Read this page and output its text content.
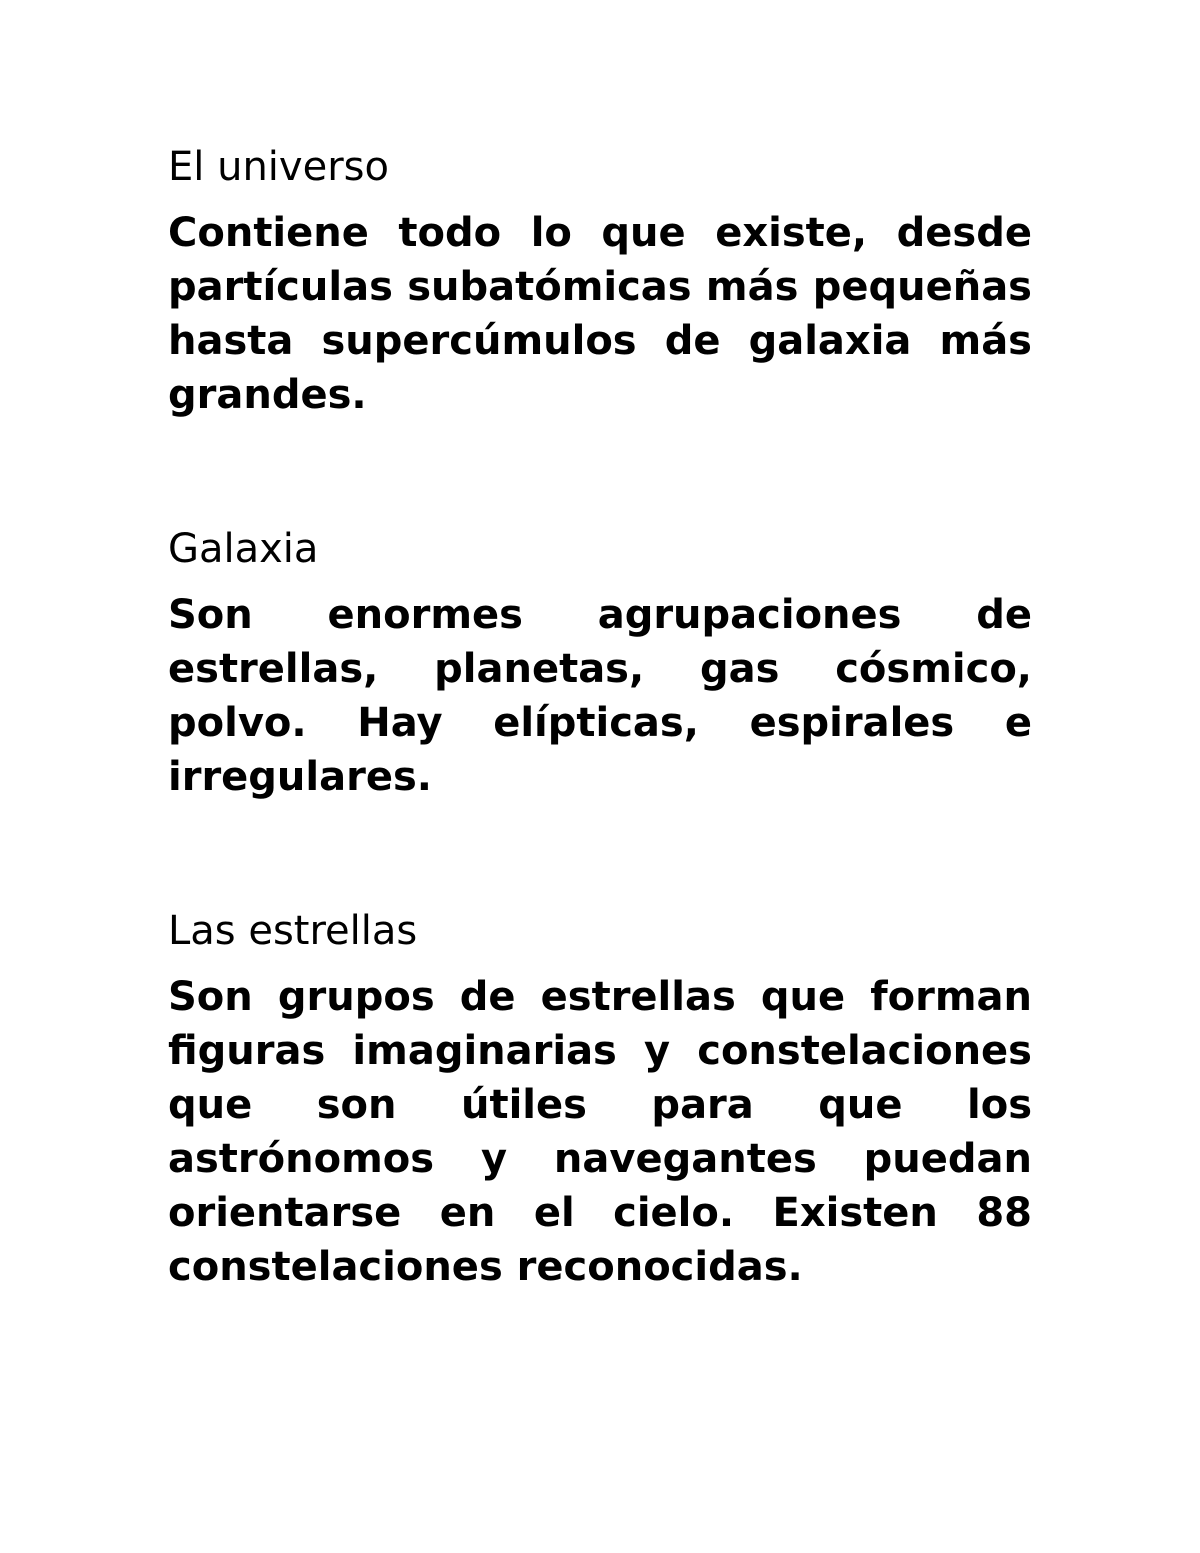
El universo

Contiene todo lo que existe, desde partículas subatómicas más pequeñas hasta supercúmulos de galaxia más grandes.

Galaxia

Son enormes agrupaciones de estrellas, planetas, gas cósmico, polvo. Hay elípticas, espirales e irregulares.

Las estrellas

Son grupos de estrellas que forman figuras imaginarias y constelaciones que son útiles para que los astrónomos y navegantes puedan orientarse en el cielo. Existen 88 constelaciones reconocidas.
